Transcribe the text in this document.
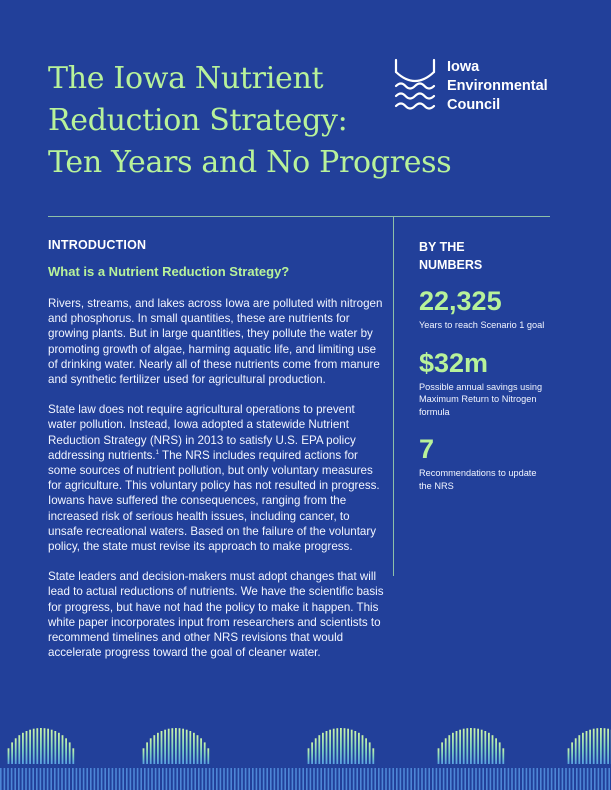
The Iowa Nutrient
Reduction Strategy:
Ten Years and No Progress
Iowa
Environmental
Council
INTRODUCTION
What is a Nutrient Reduction Strategy?

Rivers, streams, and lakes across Iowa are polluted with nitrogen and phosphorus. In small quantities, these are nutrients for growing plants. But in large quantities, they pollute the water by promoting growth of algae, harming aquatic life, and limiting use of drinking water. Nearly all of these nutrients come from manure and synthetic fertilizer used for agricultural production.

State law does not require agricultural operations to prevent water pollution. Instead, Iowa adopted a statewide Nutrient Reduction Strategy (NRS) in 2013 to satisfy U.S. EPA policy addressing nutrients.$^1$ The NRS includes required actions for some sources of nutrient pollution, but only voluntary measures for agriculture. This voluntary policy has not resulted in progress. Iowans have suffered the consequences, ranging from the increased risk of serious health issues, including cancer, to unsafe recreational waters. Based on the failure of the voluntary policy, the state must revise its approach to make progress.

State leaders and decision-makers must adopt changes that will lead to actual reductions of nutrients. We have the scientific basis for progress, but have not had the policy to make it happen. This white paper incorporates input from researchers and scientists to recommend timelines and other NRS revisions that would accelerate progress toward the goal of cleaner water.

BY THE
NUMBERS
22,325
Years to reach Scenario 1 goal
$32m
Possible annual savings using Maximum Return to Nitrogen formula
7
Recommendations to update the NRS
